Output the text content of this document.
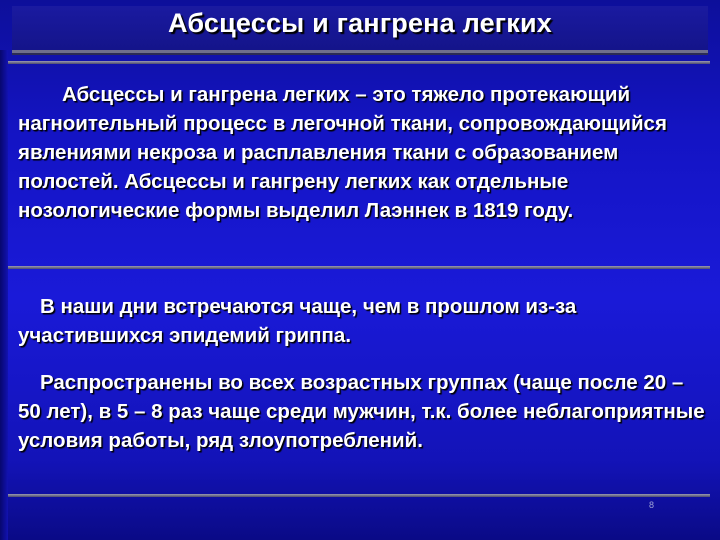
Абсцессы и гангрена легких

Абсцессы и гангрена легких – это тяжело протекающий нагноительный процесс в легочной ткани, сопровождающийся явлениями некроза и расплавления ткани с образованием полостей. Абсцессы и гангрену легких как отдельные нозологические формы выделил Лаэннек в 1819 году.

В наши дни встречаются чаще, чем в прошлом из-за участившихся эпидемий гриппа.

Распространены во всех возрастных группах (чаще после 20 – 50 лет), в 5 – 8 раз чаще среди мужчин, т.к. более неблагоприятные условия работы, ряд злоупотреблений.

8
